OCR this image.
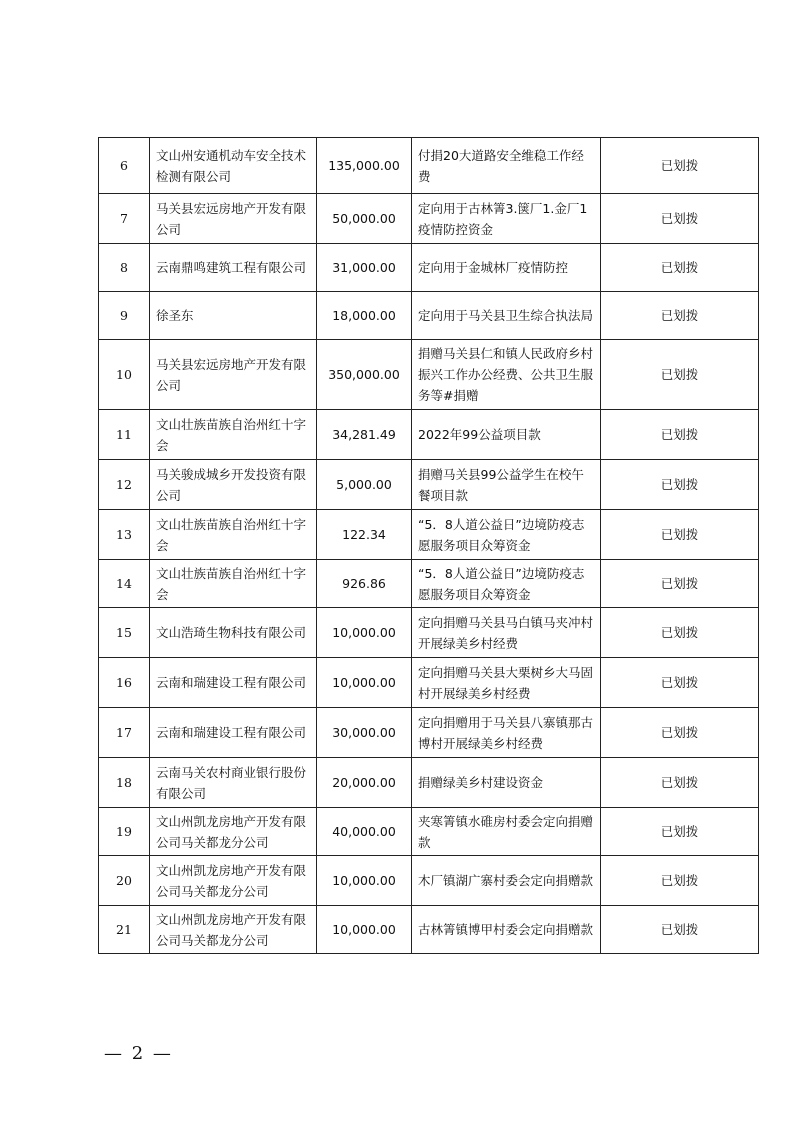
6	文山州安通机动车安全技术检测有限公司	135,000.00	付捐20大道路安全维稳工作经费	已划拨
7	马关县宏远房地产开发有限公司	50,000.00	定向用于古林箐3.箧厂1.金厂1疫情防控资金	已划拨
8	云南鼎鸣建筑工程有限公司	31,000.00	定向用于金城林厂疫情防控	已划拨
9	徐圣东	18,000.00	定向用于马关县卫生综合执法局	已划拨
10	马关县宏远房地产开发有限公司	350,000.00	捐赠马关县仁和镇人民政府乡村振兴工作办公经费、公共卫生服务等#捐赠	已划拨
11	文山壮族苗族自治州红十字会	34,281.49	2022年99公益项目款	已划拨
12	马关骏成城乡开发投资有限公司	5,000.00	捐赠马关县99公益学生在校午餐项目款	已划拨
13	文山壮族苗族自治州红十字会	122.34	“5．8人道公益日”边境防疫志愿服务项目众筹资金	已划拨
14	文山壮族苗族自治州红十字会	926.86	“5．8人道公益日”边境防疫志愿服务项目众筹资金	已划拨
15	文山浩琦生物科技有限公司	10,000.00	定向捐赠马关县马白镇马夹冲村开展绿美乡村经费	已划拨
16	云南和瑞建设工程有限公司	10,000.00	定向捐赠马关县大栗树乡大马固村开展绿美乡村经费	已划拨
17	云南和瑞建设工程有限公司	30,000.00	定向捐赠用于马关县八寨镇那古博村开展绿美乡村经费	已划拨
18	云南马关农村商业银行股份有限公司	20,000.00	捐赠绿美乡村建设资金	已划拨
19	文山州凯龙房地产开发有限公司马关都龙分公司	40,000.00	夹寒箐镇水碓房村委会定向捐赠款	已划拨
20	文山州凯龙房地产开发有限公司马关都龙分公司	10,000.00	木厂镇湖广寨村委会定向捐赠款	已划拨
21	文山州凯龙房地产开发有限公司马关都龙分公司	10,000.00	古林箐镇博甲村委会定向捐赠款	已划拨
— 2 —
